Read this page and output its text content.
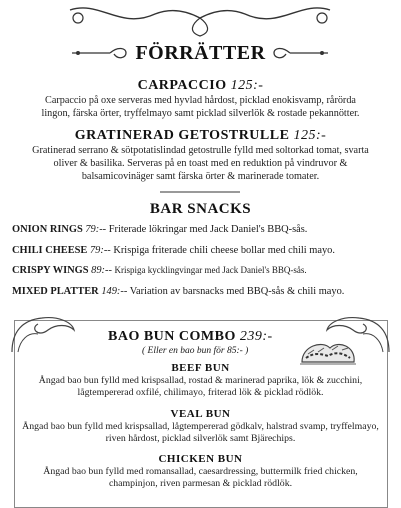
FÖRRÄTTER
CARPACCIO 125:-
Carpaccio på oxe serveras med hyvlad hårdost, picklad enokisvamp, rårörda lingon, färska örter, tryffelmayo samt picklad silverlök & rostade pekannötter.
GRATINERAD GETOSTRULLE 125:-
Gratinerad serrano & sötpotatislindad getostrulle fylld med soltorkad tomat, svarta oliver & basilika. Serveras på en toast med en reduktion på vindruvor & balsamicovinäger samt färska örter & marinerade tomater.
BAR SNACKS
ONION RINGS 79:-- Friterade lökringar med Jack Daniel's BBQ-sås.
CHILI CHEESE 79:-- Krispiga friterade chili cheese bollar med chili mayo.
CRISPY WINGS 89:-- Krispiga kycklingvingar med Jack Daniel's BBQ-sås.
MIXED PLATTER 149:-- Variation av barsnacks med BBQ-sås & chili mayo.
BAO BUN COMBO 239:-
( Eller en bao bun för 85:- )
BEEF BUN
Ångad bao bun fylld med krispsallad, rostad & marinerad paprika, lök & zucchini, lågtempererad oxfilé, chilimayo, friterad lök & picklad rödlök.
VEAL BUN
Ångad bao bun fylld med krispsallad, lågtempererad gödkalv, halstrad svamp, tryffelmayo, riven hårdost, picklad silverlök samt Bjärechips.
CHICKEN BUN
Ångad bao bun fylld med romansallad, caesardressing, buttermilk fried chicken, champinjon, riven parmesan & picklad rödlök.
